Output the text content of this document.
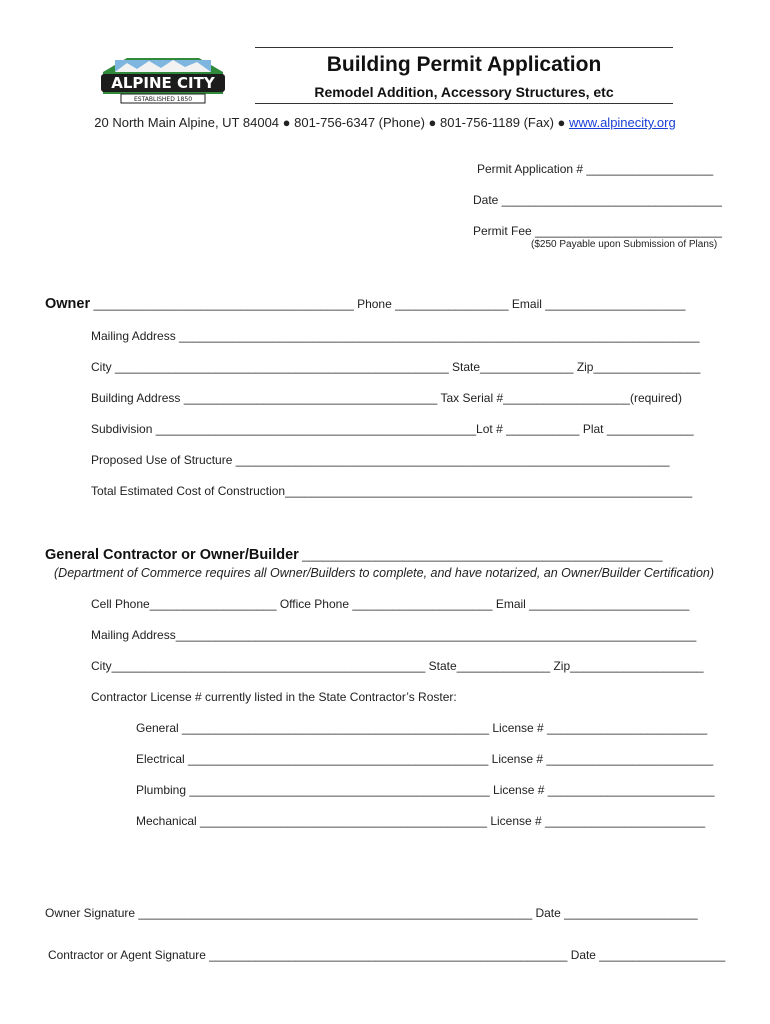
ALPINE CITY
ESTABLISHED 1850
Building Permit Application
Remodel Addition, Accessory Structures, etc
20 North Main Alpine, UT 84004 ● 801-756-6347 (Phone) ● 801-756-1189 (Fax) ● www.alpinecity.org
Permit Application # ___________________
Date _________________________________
Permit Fee ____________________________
($250 Payable upon Submission of Plans)
Owner _______________________________________ Phone _________________ Email _____________________
Mailing Address ______________________________________________________________________________
City __________________________________________________ State______________ Zip________________
Building Address ______________________________________ Tax Serial #___________________(required)
Subdivision ________________________________________________Lot # ___________ Plat _____________
Proposed Use of Structure _________________________________________________________________
Total Estimated Cost of Construction_____________________________________________________________
General Contractor or Owner/Builder ______________________________________________________
(Department of Commerce requires all Owner/Builders to complete, and have notarized, an Owner/Builder Certification)
Cell Phone___________________ Office Phone _____________________ Email ________________________
Mailing Address______________________________________________________________________________
City_______________________________________________ State______________ Zip____________________
Contractor License # currently listed in the State Contractor’s Roster:
General ______________________________________________ License # ________________________
Electrical _____________________________________________ License # _________________________
Plumbing _____________________________________________ License # _________________________
Mechanical ___________________________________________ License # ________________________
Owner Signature ___________________________________________________________ Date ____________________
Contractor or Agent Signature ______________________________________________________ Date ___________________
